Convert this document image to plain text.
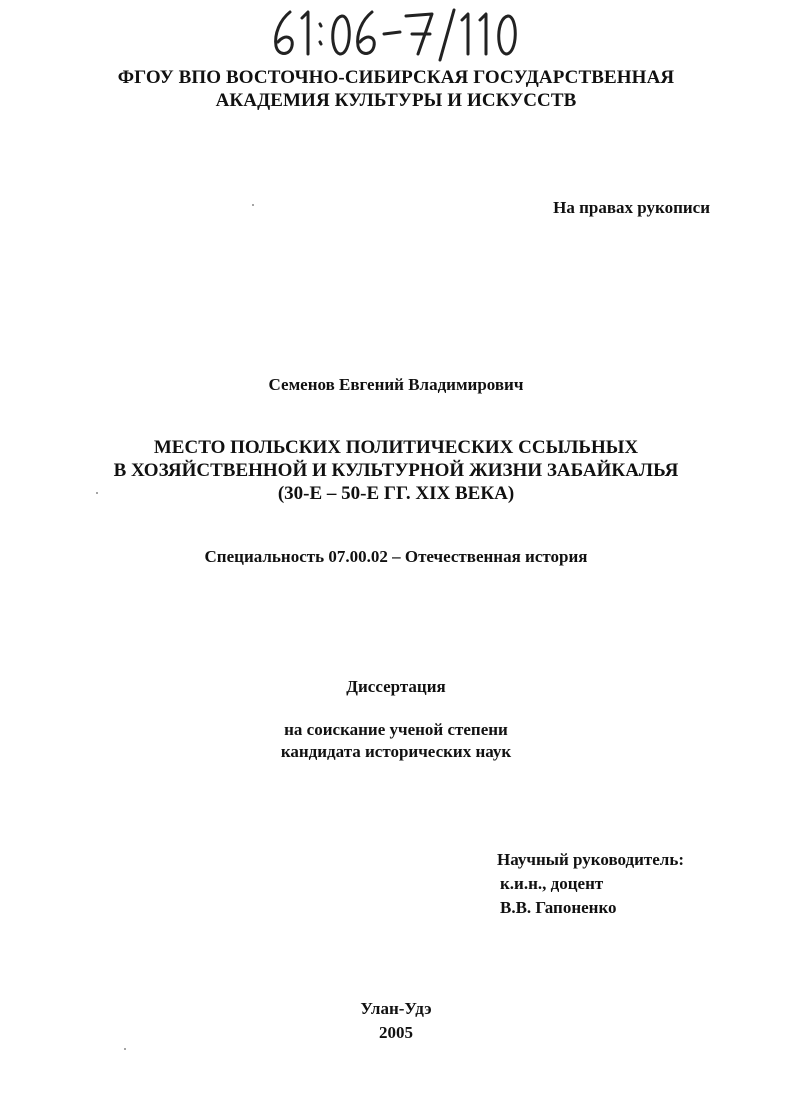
ФГОУ ВПО ВОСТОЧНО-СИБИРСКАЯ ГОСУДАРСТВЕННАЯ
АКАДЕМИЯ КУЛЬТУРЫ И ИСКУССТВ
На правах рукописи
Семенов Евгений Владимирович
МЕСТО ПОЛЬСКИХ ПОЛИТИЧЕСКИХ ССЫЛЬНЫХ
В ХОЗЯЙСТВЕННОЙ И КУЛЬТУРНОЙ ЖИЗНИ ЗАБАЙКАЛЬЯ
(30-Е – 50-Е ГГ. XIX ВЕКА)
Специальность 07.00.02 – Отечественная история
Диссертация
на соискание ученой степени
кандидата исторических наук
Научный руководитель:
к.и.н., доцент
В.В. Гапоненко
Улан-Удэ
2005
